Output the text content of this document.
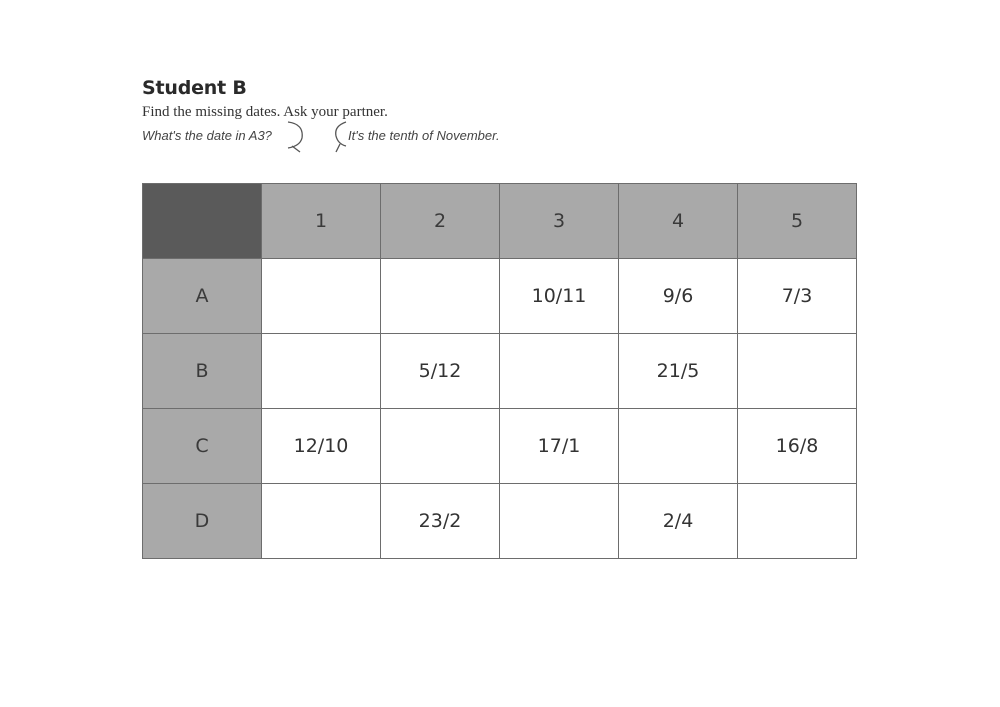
Student B
Find the missing dates. Ask your partner.
What's the date in A3?	It's the tenth of November.
	1	2	3	4	5
A			10/11	9/6	7/3
B		5/12		21/5	
C	12/10		17/1		16/8
D		23/2		2/4	
